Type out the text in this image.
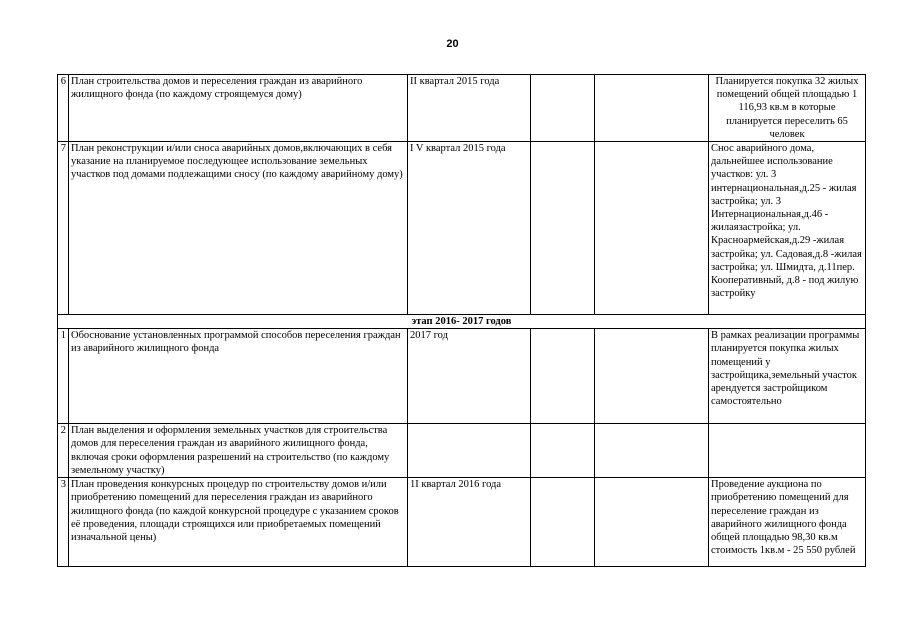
20
6	План строительства домов и переселения граждан из аварийного жилищного фонда (по каждому строящемуся дому)	II квартал 2015 года			Планируется покупка 32 жилых помещений общей площадью 1 116,93 кв.м в которые планируется переселить 65 человек
7	План реконструкции и/или сноса аварийных домов,включающих в себя указание на планируемое последующее использование земельных участков под домами подлежащими сносу (по каждому аварийному дому)	I V квартал 2015 года			Снос аварийного дома, дальнейшее использование участков: ул. 3 интернациональная,д.25 - жилая застройка; ул. 3 Интернациональная,д.46 - жилаязастройка; ул. Красноармейская,д.29 -жилая застройка; ул. Садовая,д.8 -жилая застройка; ул. Шмидта, д.11пер. Кооперативный, д.8 - под жилую застройку
этап 2016- 2017 годов					
1	Обоснование установленных программой способов переселения граждан из аварийного жилищного фонда	2017 год			В рамках реализации программы планируется покупка жилых помещений у застройщика,земельный участок арендуется застройщиком самостоятельно
2	План выделения и оформления земельных участков для строительства домов для переселения граждан из аварийного жилищного фонда, включая сроки оформления разрешений на строительство (по каждому земельному участку)				
3	План проведения конкурсных процедур по строительству домов и/или приобретению помещений для переселения граждан из аварийного жилищного фонда (по каждой конкурсной процедуре с указанием сроков её проведения, площади строящихся или приобретаемых помещений изначальной цены)	1I квартал 2016 года			Проведение аукциона по приобретению помещений для переселение граждан из аварийного жилищного фонда общей площадью 98,30 кв.м стоимость 1кв.м - 25 550 рублей
